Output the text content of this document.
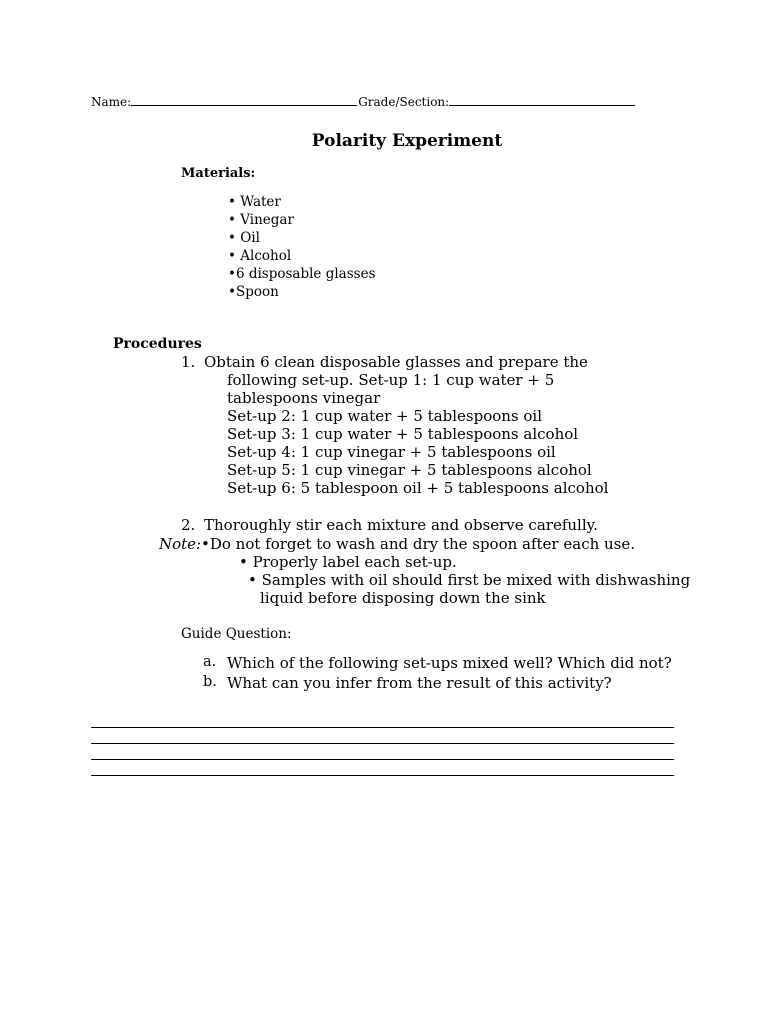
Name:	Grade/Section:
Polarity Experiment
Materials:
• Water
• Vinegar
• Oil
• Alcohol
•6 disposable glasses
•Spoon
Procedures
1. Obtain 6 clean disposable glasses and prepare the
following set-up. Set-up 1: 1 cup water + 5
tablespoons vinegar
Set-up 2: 1 cup water + 5 tablespoons oil
Set-up 3: 1 cup water + 5 tablespoons alcohol
Set-up 4: 1 cup vinegar + 5 tablespoons oil
Set-up 5: 1 cup vinegar + 5 tablespoons alcohol
Set-up 6: 5 tablespoon oil + 5 tablespoons alcohol
2. Thoroughly stir each mixture and observe carefully.
Note: •Do not forget to wash and dry the spoon after each use.
• Properly label each set-up.
• Samples with oil should first be mixed with dishwashing
liquid before disposing down the sink
Guide Question:
a. Which of the following set-ups mixed well? Which did not?
b. What can you infer from the result of this activity?
